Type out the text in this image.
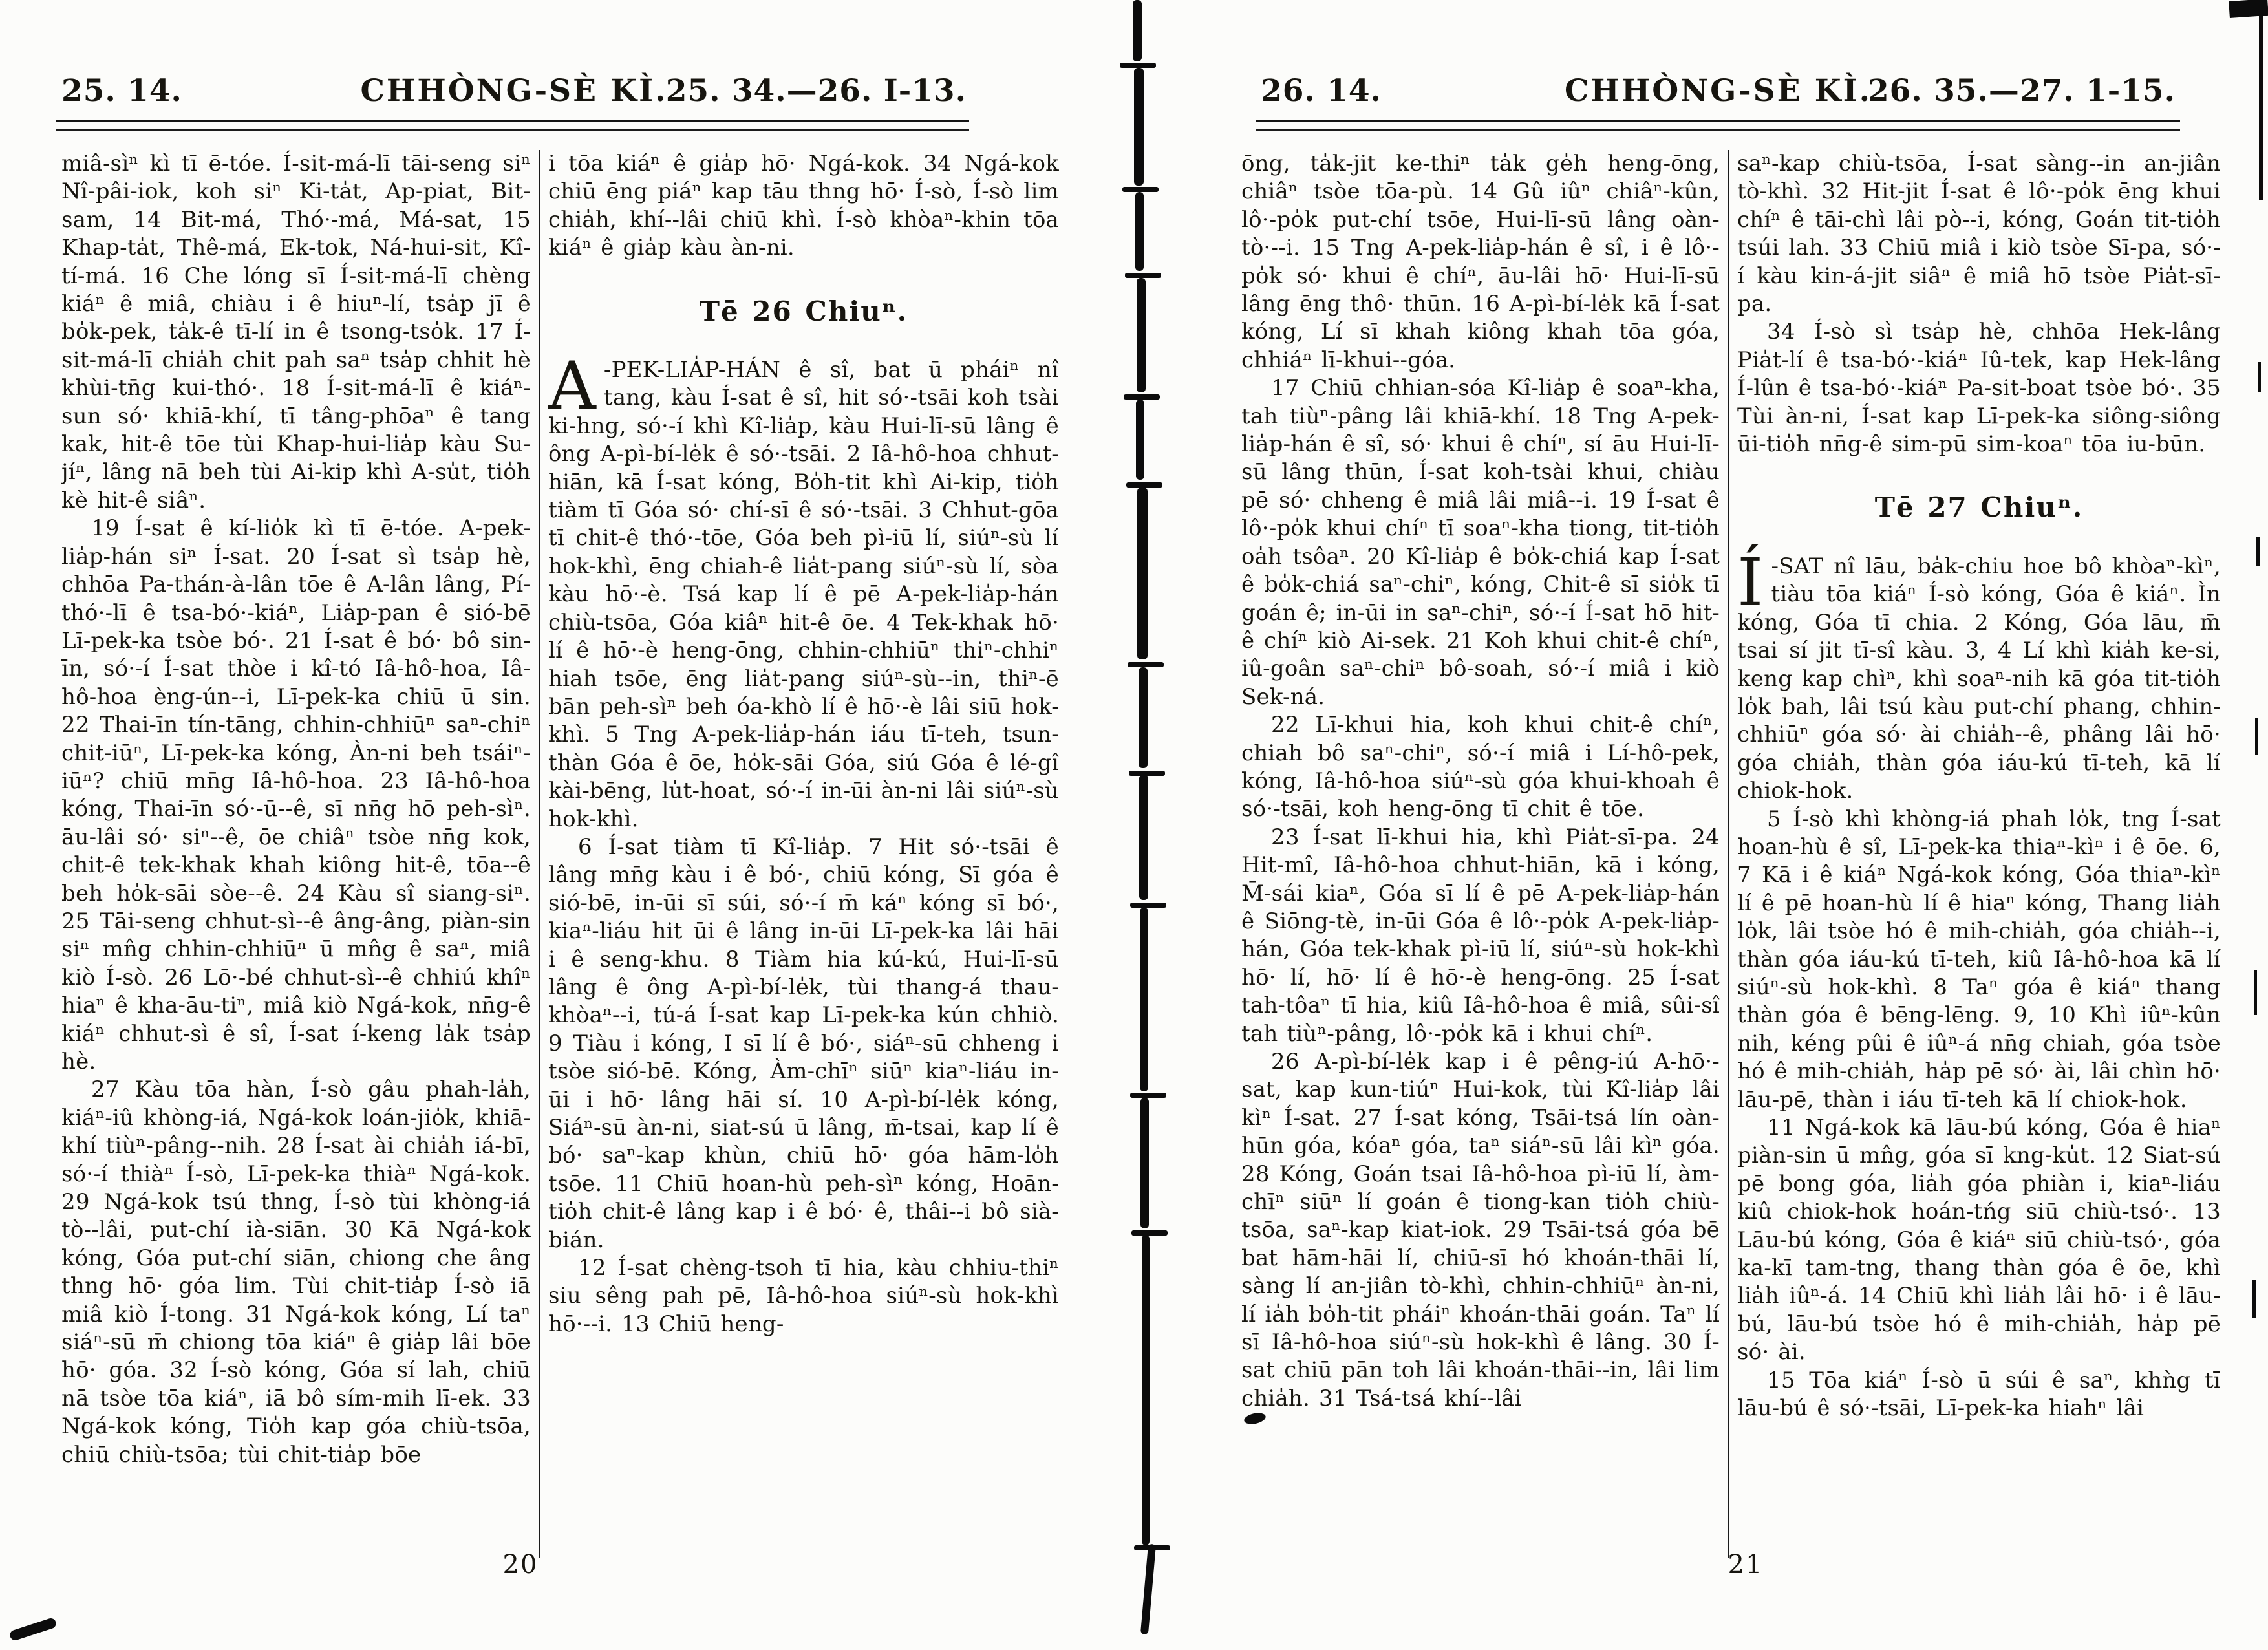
25. 14.	CHHÒNG-SÈ KÌ.
25. 34.—26. I-13.

miâ-sìⁿ kì tī ē-tóe. Í-sit-má-lī tāi-seng siⁿ Nî-pâi-iok, koh siⁿ Ki-ta̍t, Ap-piat, Bit-sam, 14 Bit-má, Thó·-má, Má-sat, 15 Khap-ta̍t, Thê-má, Ek-tok, Ná-hui-sit, Kî-tí-má. 16 Che lóng sī Í-sit-má-lī chèng kiáⁿ ê miâ, chiàu i ê hiuⁿ-lí, tsa̍p jī ê bo̍k-pek, ta̍k-ê tī-lí in ê tsong-tso̍k. 17 Í-sit-má-lī chia̍h chit pah saⁿ tsa̍p chhit hè khùi-tn̄g kui-thó·. 18 Í-sit-má-lī ê kiáⁿ-sun só· khiā-khí, tī tâng-phōaⁿ ê tang kak, hit-ê tōe tùi Khap-hui-lia̍p kàu Su-jíⁿ, lâng nā beh tùi Ai-kip khì A-su̍t, tio̍h kè hit-ê siâⁿ.

19 Í-sat ê kí-lio̍k kì tī ē-tóe. A-pek-lia̍p-hán siⁿ Í-sat. 20 Í-sat sì tsa̍p hè, chhōa Pa-thán-à-lân tōe ê A-lân lâng, Pí-thó·-lī ê tsa-bó·-kiáⁿ, Lia̍p-pan ê sió-bē Lī-pek-ka tsòe bó·. 21 Í-sat ê bó· bô sin-īn, só·-í Í-sat thòe i kî-tó Iâ-hô-hoa, Iâ-hô-hoa èng-ún--i, Lī-pek-ka chiū ū sin. 22 Thai-īn tín-tāng, chhin-chhiūⁿ saⁿ-chiⁿ chit-iūⁿ, Lī-pek-ka kóng, Àn-ni beh tsáiⁿ-iūⁿ? chiū mn̄g Iâ-hô-hoa. 23 Iâ-hô-hoa kóng, Thai-īn só·-ū--ê, sī nn̄g hō peh-sìⁿ. āu-lâi só· siⁿ--ê, ōe chiâⁿ tsòe nn̄g kok, chit-ê tek-khak khah kiông hit-ê, tōa--ê beh ho̍k-sāi sòe--ê. 24 Kàu sî siang-siⁿ. 25 Tāi-seng chhut-sì--ê âng-âng, piàn-sin siⁿ mn̂g chhin-chhiūⁿ ū mn̂g ê saⁿ, miâ kiò Í-sò. 26 Lō·-bé chhut-sì--ê chhiú khîⁿ hiaⁿ ê kha-āu-tiⁿ, miâ kiò Ngá-kok, nn̄g-ê kiáⁿ chhut-sì ê sî, Í-sat í-keng la̍k tsa̍p hè.

27 Kàu tōa hàn, Í-sò gâu phah-la̍h, kiáⁿ-iû khòng-iá, Ngá-kok loán-jio̍k, khiā-khí tiùⁿ-pâng--nih. 28 Í-sat ài chia̍h iá-bī, só·-í thiàⁿ Í-sò, Lī-pek-ka thiàⁿ Ngá-kok. 29 Ngá-kok tsú thng, Í-sò tùi khòng-iá tò--lâi, put-chí ià-siān. 30 Kā Ngá-kok kóng, Góa put-chí siān, chiong che âng thng hō· góa lim. Tùi chit-tia̍p Í-sò iā miâ kiò Í-tong. 31 Ngá-kok kóng, Lí taⁿ siáⁿ-sū m̄ chiong tōa kiáⁿ ê gia̍p lâi bōe hō· góa. 32 Í-sò kóng, Góa sí lah, chiū nā tsòe tōa kiáⁿ, iā bô sím-mih lī-ek. 33 Ngá-kok kóng, Tio̍h kap góa chiù-tsōa, chiū chiù-tsōa; tùi chit-tia̍p bōe

i tōa kiáⁿ ê gia̍p hō· Ngá-kok. 34 Ngá-kok chiū ēng piáⁿ kap tāu thng hō· Í-sò, Í-sò lim chia̍h, khí--lâi chiū khì. Í-sò khòaⁿ-khin tōa kiáⁿ ê gia̍p kàu àn-ni.

Tē 26 Chiuⁿ.

A -PEK-LIA̍P-HÁN ê sî, bat ū pháiⁿ nî tang, kàu Í-sat ê sî, hit só·-tsāi koh tsài ki-hng, só·-í khì Kî-lia̍p, kàu Hui-lī-sū lâng ê ông A-pì-bí-le̍k ê só·-tsāi. 2 Iâ-hô-hoa chhut-hiān, kā Í-sat kóng, Bo̍h-tit khì Ai-kip, tio̍h tiàm tī Góa só· chí-sī ê só·-tsāi. 3 Chhut-gōa tī chit-ê thó·-tōe, Góa beh pì-iū lí, siúⁿ-sù lí hok-khì, ēng chiah-ê lia̍t-pang siúⁿ-sù lí, sòa kàu hō·-è. Tsá kap lí ê pē A-pek-lia̍p-hán chiù-tsōa, Góa kiâⁿ hit-ê ōe. 4 Tek-khak hō· lí ê hō·-è heng-ōng, chhin-chhiūⁿ thiⁿ-chhiⁿ hiah tsōe, ēng lia̍t-pang siúⁿ-sù--in, thiⁿ-ē bān peh-sìⁿ beh óa-khò lí ê hō·-è lâi siū hok-khì. 5 Tng A-pek-lia̍p-hán iáu tī-teh, tsun-thàn Góa ê ōe, ho̍k-sāi Góa, siú Góa ê lé-gî kài-bēng, lu̍t-hoat, só·-í in-ūi àn-ni lâi siúⁿ-sù hok-khì.

6 Í-sat tiàm tī Kî-lia̍p. 7 Hit só·-tsāi ê lâng mn̄g kàu i ê bó·, chiū kóng, Sī góa ê sió-bē, in-ūi sī súi, só·-í m̄ káⁿ kóng sī bó·, kiaⁿ-liáu hit ūi ê lâng in-ūi Lī-pek-ka lâi hāi i ê seng-khu. 8 Tiàm hia kú-kú, Hui-lī-sū lâng ê ông A-pì-bí-le̍k, tùi thang-á thau-khòaⁿ--i, tú-á Í-sat kap Lī-pek-ka kún chhiò. 9 Tiàu i kóng, I sī lí ê bó·, siáⁿ-sū chheng i tsòe sió-bē. Kóng, Àm-chīⁿ siūⁿ kiaⁿ-liáu in-ūi i hō· lâng hāi sí. 10 A-pì-bí-le̍k kóng, Siáⁿ-sū àn-ni, siat-sú ū lâng, m̄-tsai, kap lí ê bó· saⁿ-kap khùn, chiū hō· góa hām-lo̍h tsōe. 11 Chiū hoan-hù peh-sìⁿ kóng, Hoān-tio̍h chit-ê lâng kap i ê bó· ê, thâi--i bô sià-bián.

12 Í-sat chèng-tsoh tī hia, kàu chhiu-thiⁿ siu sêng pah pē, Iâ-hô-hoa siúⁿ-sù hok-khì hō·--i. 13 Chiū heng-

20
26. 14.	CHHÒNG-SÈ KÌ.
26. 35.—27. 1-15.

ōng, ta̍k-jit ke-thiⁿ ta̍k ge̍h heng-ōng, chiâⁿ tsòe tōa-pù. 14 Gû iûⁿ chiâⁿ-kûn, lô·-po̍k put-chí tsōe, Hui-lī-sū lâng oàn-tò·--i. 15 Tng A-pek-lia̍p-hán ê sî, i ê lô·-po̍k só· khui ê chíⁿ, āu-lâi hō· Hui-lī-sū lâng ēng thô· thūn. 16 A-pì-bí-le̍k kā Í-sat kóng, Lí sī khah kiông khah tōa góa, chhiáⁿ lī-khui--góa.

17 Chiū chhian-sóa Kî-lia̍p ê soaⁿ-kha, tah tiùⁿ-pâng lâi khiā-khí. 18 Tng A-pek-lia̍p-hán ê sî, só· khui ê chíⁿ, sí āu Hui-lī-sū lâng thūn, Í-sat koh-tsài khui, chiàu pē só· chheng ê miâ lâi miâ--i. 19 Í-sat ê lô·-po̍k khui chíⁿ tī soaⁿ-kha tiong, tit-tio̍h oa̍h tsôaⁿ. 20 Kî-lia̍p ê bo̍k-chiá kap Í-sat ê bo̍k-chiá saⁿ-chiⁿ, kóng, Chit-ê sī sio̍k tī goán ê; in-ūi in saⁿ-chiⁿ, só·-í Í-sat hō hit-ê chíⁿ kiò Ai-sek. 21 Koh khui chit-ê chíⁿ, iû-goân saⁿ-chiⁿ bô-soah, só·-í miâ i kiò Sek-ná.

22 Lī-khui hia, koh khui chit-ê chíⁿ, chiah bô saⁿ-chiⁿ, só·-í miâ i Lí-hô-pek, kóng, Iâ-hô-hoa siúⁿ-sù góa khui-khoah ê só·-tsāi, koh heng-ōng tī chit ê tōe.

23 Í-sat lī-khui hia, khì Pia̍t-sī-pa. 24 Hit-mî, Iâ-hô-hoa chhut-hiān, kā i kóng, M̄-sái kiaⁿ, Góa sī lí ê pē A-pek-lia̍p-hán ê Siōng-tè, in-ūi Góa ê lô·-po̍k A-pek-lia̍p-hán, Góa tek-khak pì-iū lí, siúⁿ-sù hok-khì hō· lí, hō· lí ê hō·-è heng-ōng. 25 Í-sat tah-tôaⁿ tī hia, kiû Iâ-hô-hoa ê miâ, sûi-sî tah tiùⁿ-pâng, lô·-po̍k kā i khui chíⁿ.

26 A-pì-bí-le̍k kap i ê pêng-iú A-hō·-sat, kap kun-tiúⁿ Hui-kok, tùi Kî-lia̍p lâi kìⁿ Í-sat. 27 Í-sat kóng, Tsāi-tsá lín oàn-hūn góa, kóaⁿ góa, taⁿ siáⁿ-sū lâi kìⁿ góa. 28 Kóng, Goán tsai Iâ-hô-hoa pì-iū lí, àm-chīⁿ siūⁿ lí goán ê tiong-kan tio̍h chiù-tsōa, saⁿ-kap kiat-iok. 29 Tsāi-tsá góa bē bat hām-hāi lí, chiū-sī hó khoán-thāi lí, sàng lí an-jiân tò-khì, chhin-chhiūⁿ àn-ni, lí ia̍h bo̍h-tit pháiⁿ khoán-thāi goán. Taⁿ lí sī Iâ-hô-hoa siúⁿ-sù hok-khì ê lâng. 30 Í-sat chiū pān toh lâi khoán-thāi--in, lâi lim chia̍h. 31 Tsá-tsá khí--lâi

saⁿ-kap chiù-tsōa, Í-sat sàng--in an-jiân tò-khì. 32 Hit-jit Í-sat ê lô·-po̍k ēng khui chíⁿ ê tāi-chì lâi pò--i, kóng, Goán tit-tio̍h tsúi lah. 33 Chiū miâ i kiò tsòe Sī-pa, só·-í kàu kin-á-jit siâⁿ ê miâ hō tsòe Pia̍t-sī-pa.

34 Í-sò sì tsa̍p hè, chhōa Hek-lâng Pia̍t-lí ê tsa-bó·-kiáⁿ Iû-tek, kap Hek-lâng Í-lûn ê tsa-bó·-kiáⁿ Pa-sit-boat tsòe bó·. 35 Tùi àn-ni, Í-sat kap Lī-pek-ka siông-siông ūi-tio̍h nn̄g-ê sim-pū sim-koaⁿ tōa iu-būn.

Tē 27 Chiuⁿ.

Í -SAT nî lāu, ba̍k-chiu hoe bô khòaⁿ-kìⁿ, tiàu tōa kiáⁿ Í-sò kóng, Góa ê kiáⁿ. Ìn kóng, Góa tī chia. 2 Kóng, Góa lāu, m̄ tsai sí jit tī-sî kàu. 3, 4 Lí khì kia̍h ke-si, keng kap chìⁿ, khì soaⁿ-nih kā góa tit-tio̍h lo̍k bah, lâi tsú kàu put-chí phang, chhin-chhiūⁿ góa só· ài chia̍h--ê, phâng lâi hō· góa chia̍h, thàn góa iáu-kú tī-teh, kā lí chiok-hok.

5 Í-sò khì khòng-iá phah lo̍k, tng Í-sat hoan-hù ê sî, Lī-pek-ka thiaⁿ-kìⁿ i ê ōe. 6, 7 Kā i ê kiáⁿ Ngá-kok kóng, Góa thiaⁿ-kìⁿ lí ê pē hoan-hù lí ê hiaⁿ kóng, Thang lia̍h lo̍k, lâi tsòe hó ê mih-chia̍h, góa chia̍h--i, thàn góa iáu-kú tī-teh, kiû Iâ-hô-hoa kā lí siúⁿ-sù hok-khì. 8 Taⁿ góa ê kiáⁿ thang thàn góa ê bēng-lēng. 9, 10 Khì iûⁿ-kûn nih, kéng pûi ê iûⁿ-á nn̄g chiah, góa tsòe hó ê mih-chia̍h, ha̍p pē só· ài, lâi chìn hō· lāu-pē, thàn i iáu tī-teh kā lí chiok-hok.

11 Ngá-kok kā lāu-bú kóng, Góa ê hiaⁿ piàn-sin ū mn̂g, góa sī kng-ku̍t. 12 Siat-sú pē bong góa, lia̍h góa phiàn i, kiaⁿ-liáu kiû chiok-hok hoán-tńg siū chiù-tsó·. 13 Lāu-bú kóng, Góa ê kiáⁿ siū chiù-tsó·, góa ka-kī tam-tng, thang thàn góa ê ōe, khì lia̍h iûⁿ-á. 14 Chiū khì lia̍h lâi hō· i ê lāu-bú, lāu-bú tsòe hó ê mih-chia̍h, ha̍p pē só· ài.

15 Tōa kiáⁿ Í-sò ū súi ê saⁿ, khǹg tī lāu-bú ê só·-tsāi, Lī-pek-ka hiahⁿ lâi

21
